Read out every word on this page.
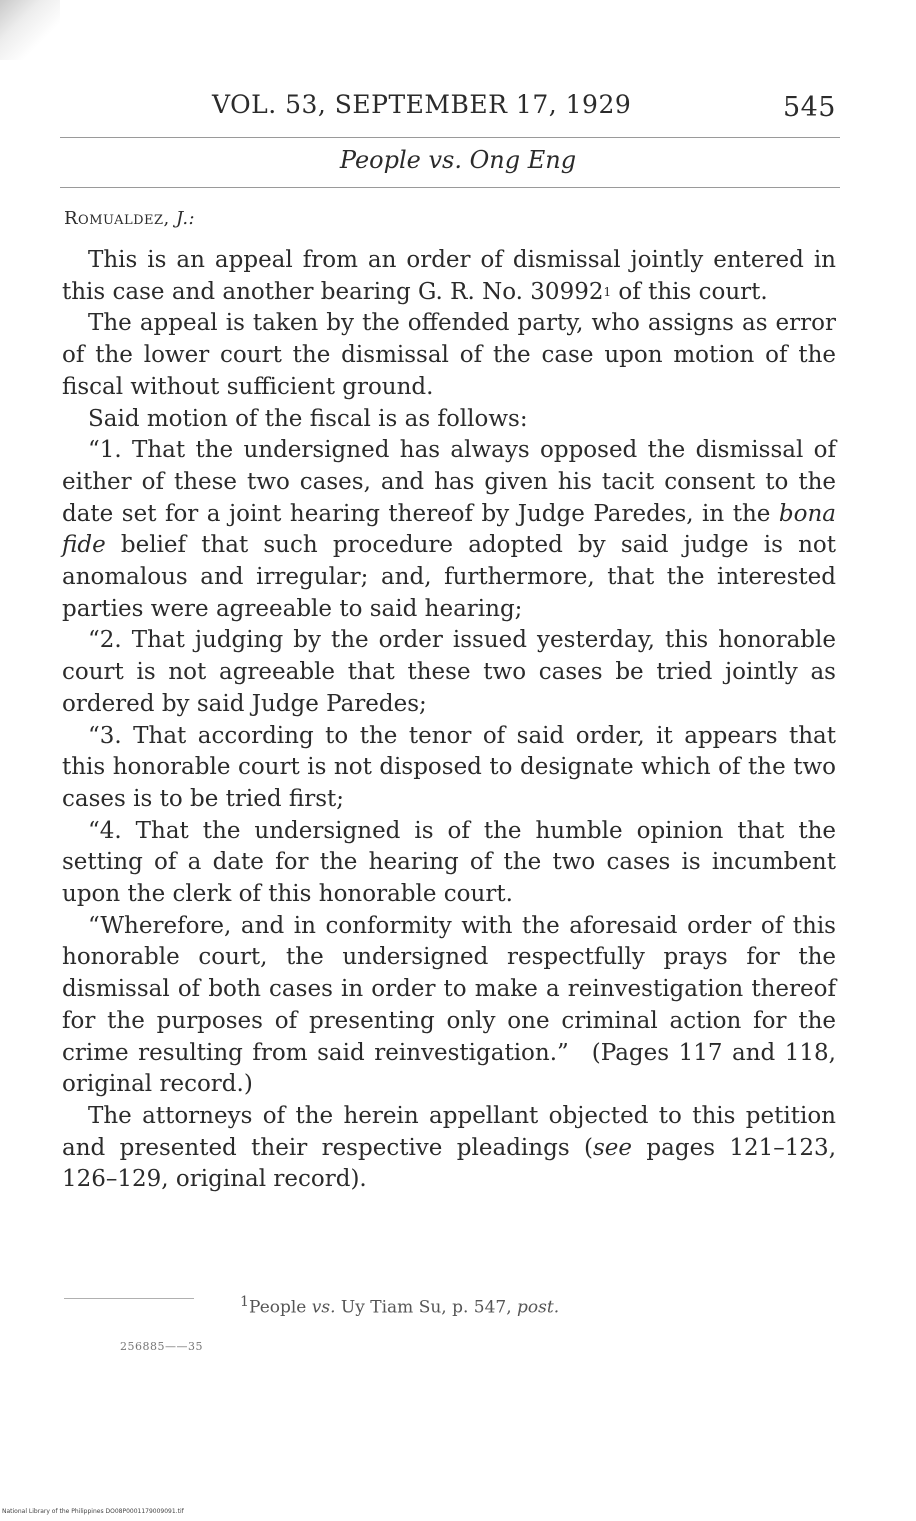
VOL. 53, SEPTEMBER 17, 1929	545
People vs. Ong Eng
Romualdez, J.:

This is an appeal from an order of dismissal jointly entered in this case and another bearing G. R. No. 30992$^1$ of this court.

The appeal is taken by the offended party, who assigns as error of the lower court the dismissal of the case upon motion of the fiscal without sufficient ground.

Said motion of the fiscal is as follows:

“1. That the undersigned has always opposed the dismissal of either of these two cases, and has given his tacit consent to the date set for a joint hearing thereof by Judge Paredes, in the bona fide belief that such procedure adopted by said judge is not anomalous and irregular; and, furthermore, that the interested parties were agreeable to said hearing;

“2. That judging by the order issued yesterday, this honorable court is not agreeable that these two cases be tried jointly as ordered by said Judge Paredes;

“3. That according to the tenor of said order, it appears that this honorable court is not disposed to designate which of the two cases is to be tried first;

“4. That the undersigned is of the humble opinion that the setting of a date for the hearing of the two cases is incumbent upon the clerk of this honorable court.

“Wherefore, and in conformity with the aforesaid order of this honorable court, the undersigned respectfully prays for the dismissal of both cases in order to make a reinvestigation thereof for the purposes of presenting only one criminal action for the crime resulting from said reinvestigation.” (Pages 117 and 118, original record.)

The attorneys of the herein appellant objected to this petition and presented their respective pleadings (see pages 121–123, 126–129, original record).

$^1$People vs. Uy Tiam Su, p. 547, post.
256885——35
National Library of the Philippines DO08P0001179009091.tif
